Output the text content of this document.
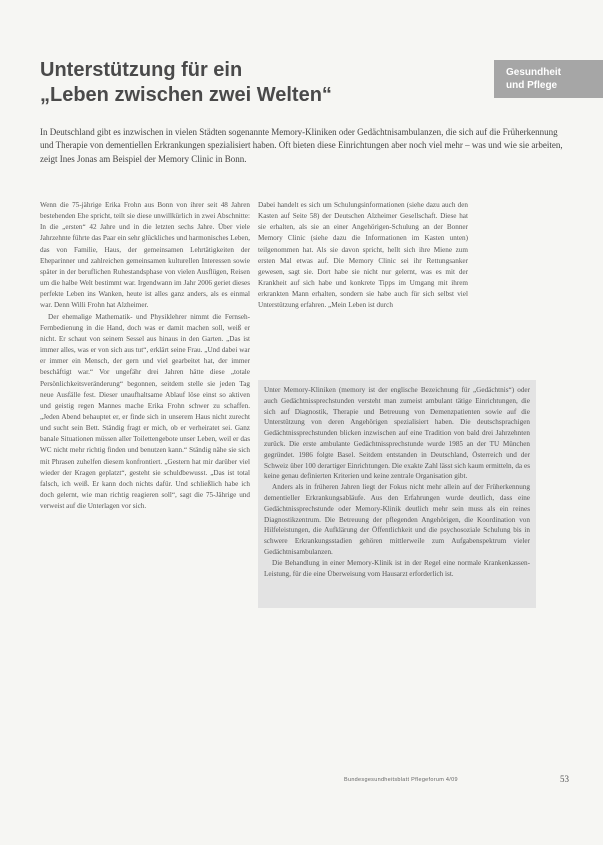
Unterstützung für ein
„Leben zwischen zwei Welten“
Gesundheit
und Pflege
In Deutschland gibt es inzwischen in vielen Städten sogenannte Memory-Kliniken oder Gedächtnisambulanzen, die sich auf die Früherkennung und Therapie von dementiellen Erkrankungen spezialisiert haben. Oft bieten diese Einrichtungen aber noch viel mehr – was und wie sie arbeiten, zeigt Ines Jonas am Beispiel der Memory Clinic in Bonn.

Wenn die 75-jährige Erika Frohn aus Bonn von ihrer seit 48 Jahren bestehenden Ehe spricht, teilt sie diese unwillkürlich in zwei Abschnitte: In die „ersten“ 42 Jahre und in die letzten sechs Jahre. Über viele Jahrzehnte führte das Paar ein sehr glückliches und harmonisches Leben, das von Familie, Haus, der gemeinsamen Lehrtätigkeiten der Eheparinner und zahlreichen gemeinsamen kulturellen Interessen sowie später in der beruflichen Ruhestandsphase von vielen Ausflügen, Reisen um die halbe Welt bestimmt war. Irgendwann im Jahr 2006 geriet dieses perfekte Leben ins Wanken, heute ist alles ganz anders, als es einmal war. Denn Willi Frohn hat Alzheimer.

Der ehemalige Mathematik- und Physiklehrer nimmt die Fernseh-Fernbedienung in die Hand, doch was er damit machen soll, weiß er nicht. Er schaut von seinem Sessel aus hinaus in den Garten. „Das ist immer alles, was er von sich aus tut“, erklärt seine Frau. „Und dabei war er immer ein Mensch, der gern und viel gearbeitet hat, der immer beschäftigt war.“ Vor ungefähr drei Jahren hätte diese „totale Persönlichkeitsveränderung“ begonnen, seitdem stelle sie jeden Tag neue Ausfälle fest. Dieser unaufhaltsame Ablauf löse einst so aktiven und geistig regen Mannes mache Erika Frohn schwer zu schaffen. „Jeden Abend behauptet er, er finde sich in unserem Haus nicht zurecht und sucht sein Bett. Ständig fragt er mich, ob er verheiratet sei. Ganz banale Situationen müssen aller Toilettengebote unser Leben, weil er das WC nicht mehr richtig finden und benutzen kann.“ Ständig nähe sie sich mit Phrasen zuhelfen diesem konfrontiert. „Gestern hat mir darüber viel wieder der Kragen geplatzt“, gesteht sie schuldbewusst. „Das ist total falsch, ich weiß. Er kann doch nichts dafür. Und schließlich habe ich doch gelernt, wie man richtig reagieren soll“, sagt die 75-Jährige und verweist auf die Unterlagen vor sich.

Dabei handelt es sich um Schulungsinformationen (siehe dazu auch den Kasten auf Seite 58) der Deutschen Alzheimer Gesellschaft. Diese hat sie erhalten, als sie an einer Angehörigen-Schulung an der Bonner Memory Clinic (siehe dazu die Informationen im Kasten unten) teilgenommen hat. Als sie davon spricht, hellt sich ihre Miene zum ersten Mal etwas auf. Die Memory Clinic sei ihr Rettungsanker gewesen, sagt sie. Dort habe sie nicht nur gelernt, was es mit der Krankheit auf sich habe und konkrete Tipps im Umgang mit ihrem erkrankten Mann erhalten, sondern sie habe auch für sich selbst viel Unterstützung erfahren. „Mein Leben ist durch

Unter Memory-Kliniken (memory ist der englische Bezeichnung für „Gedächtnis“) oder auch Gedächtnissprechstunden versteht man zumeist ambulant tätige Einrichtungen, die sich auf Diagnostik, Therapie und Betreuung von Demenzpatienten sowie auf die Unterstützung von deren Angehörigen spezialisiert haben. Die deutschsprachigen Gedächtnissprechstunden blicken inzwischen auf eine Tradition von bald drei Jahrzehnten zurück. Die erste ambulante Gedächtnissprechstunde wurde 1985 an der TU München gegründet. 1986 folgte Basel. Seitdem entstanden in Deutschland, Österreich und der Schweiz über 100 derartiger Einrichtungen. Die exakte Zahl lässt sich kaum ermitteln, da es keine genau definierten Kriterien und keine zentrale Organisation gibt.

Anders als in früheren Jahren liegt der Fokus nicht mehr allein auf der Früherkennung dementieller Erkrankungsabläufe. Aus den Erfahrungen wurde deutlich, dass eine Gedächtnissprechstunde oder Memory-Klinik deutlich mehr sein muss als ein reines Diagnostikzentrum. Die Betreuung der pflegenden Angehörigen, die Koordination von Hilfeleistungen, die Aufklärung der Öffentlichkeit und die psychosoziale Schulung bis in schwere Erkrankungsstadien gehören mittlerweile zum Aufgabenspektrum vieler Gedächtnisambulanzen.

Die Behandlung in einer Memory-Klinik ist in der Regel eine normale Krankenkassen-Leistung, für die eine Überweisung vom Hausarzt erforderlich ist.

Bundesgesundheitsblatt Pflegeforum 4/09	53
